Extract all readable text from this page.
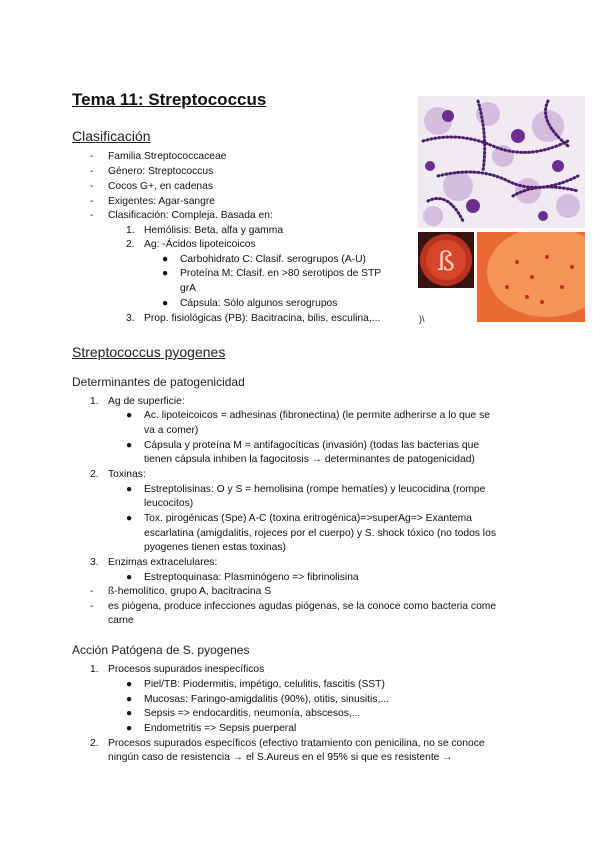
Tema 11: Streptococcus
ß
)\
Clasificación
- Familia Streptococcaceae
- Género: Streptococcus
- Cocos G+, en cadenas
- Exigentes: Agar-sangre
- Clasificación: Compleja. Basada en:
1. Hemólisis: Beta, alfa y gamma
2. Ag: -Ácidos lipoteicoicos
● Carbohidrato C: Clasif. serogrupos (A-U)
● Proteína M: Clasif. en >80 serotipos de STP
grA
● Cápsula: Sólo algunos serogrupos
3. Prop. fisiológicas (PB): Bacitracina, bilis, esculina,...
Streptococcus pyogenes
Determinantes de patogenicidad
1. Ag de superficie:
● Ac. lipoteicoicos = adhesinas (fibronectina) (le permite adherirse a lo que se
va a comer)
● Cápsula y proteína M = antifagocíticas (invasión) (todas las bacterias que
tienen cápsula inhiben la fagocitosis → determinantes de patogenicidad)
2. Toxinas:
● Estreptolisinas: O y S = hemolisina (rompe hematíes) y leucocidina (rompe
leucocitos)
● Tox. pirogénicas (Spe) A-C (toxina eritrogénica)=>superAg=> Exantema
escarlatina (amigdalitis, rojeces por el cuerpo) y S. shock tóxico (no todos los
pyogenes tienen estas toxinas)
3. Enzimas extracelulares:
● Estreptoquinasa: Plasminógeno => fibrinolisina
- ß-hemolítico, grupo A, bacitracina S
- es piógena, produce infecciones agudas piógenas, se la conoce como bacteria come
carne
Acción Patógena de S. pyogenes
1. Procesos supurados inespecíficos
● Piel/TB: Piodermitis, impétigo, celulitis, fascitis (SST)
● Mucosas: Faringo-amigdalitis (90%), otitis, sinusitis,...
● Sepsis => endocarditis, neumonía, abscesos,...
● Endometritis => Sepsis puerperal
2. Procesos supurados específicos (efectivo tratamiento con penicilina, no se conoce
ningún caso de resistencia → el S.Aureus en el 95% si que es resistente →
